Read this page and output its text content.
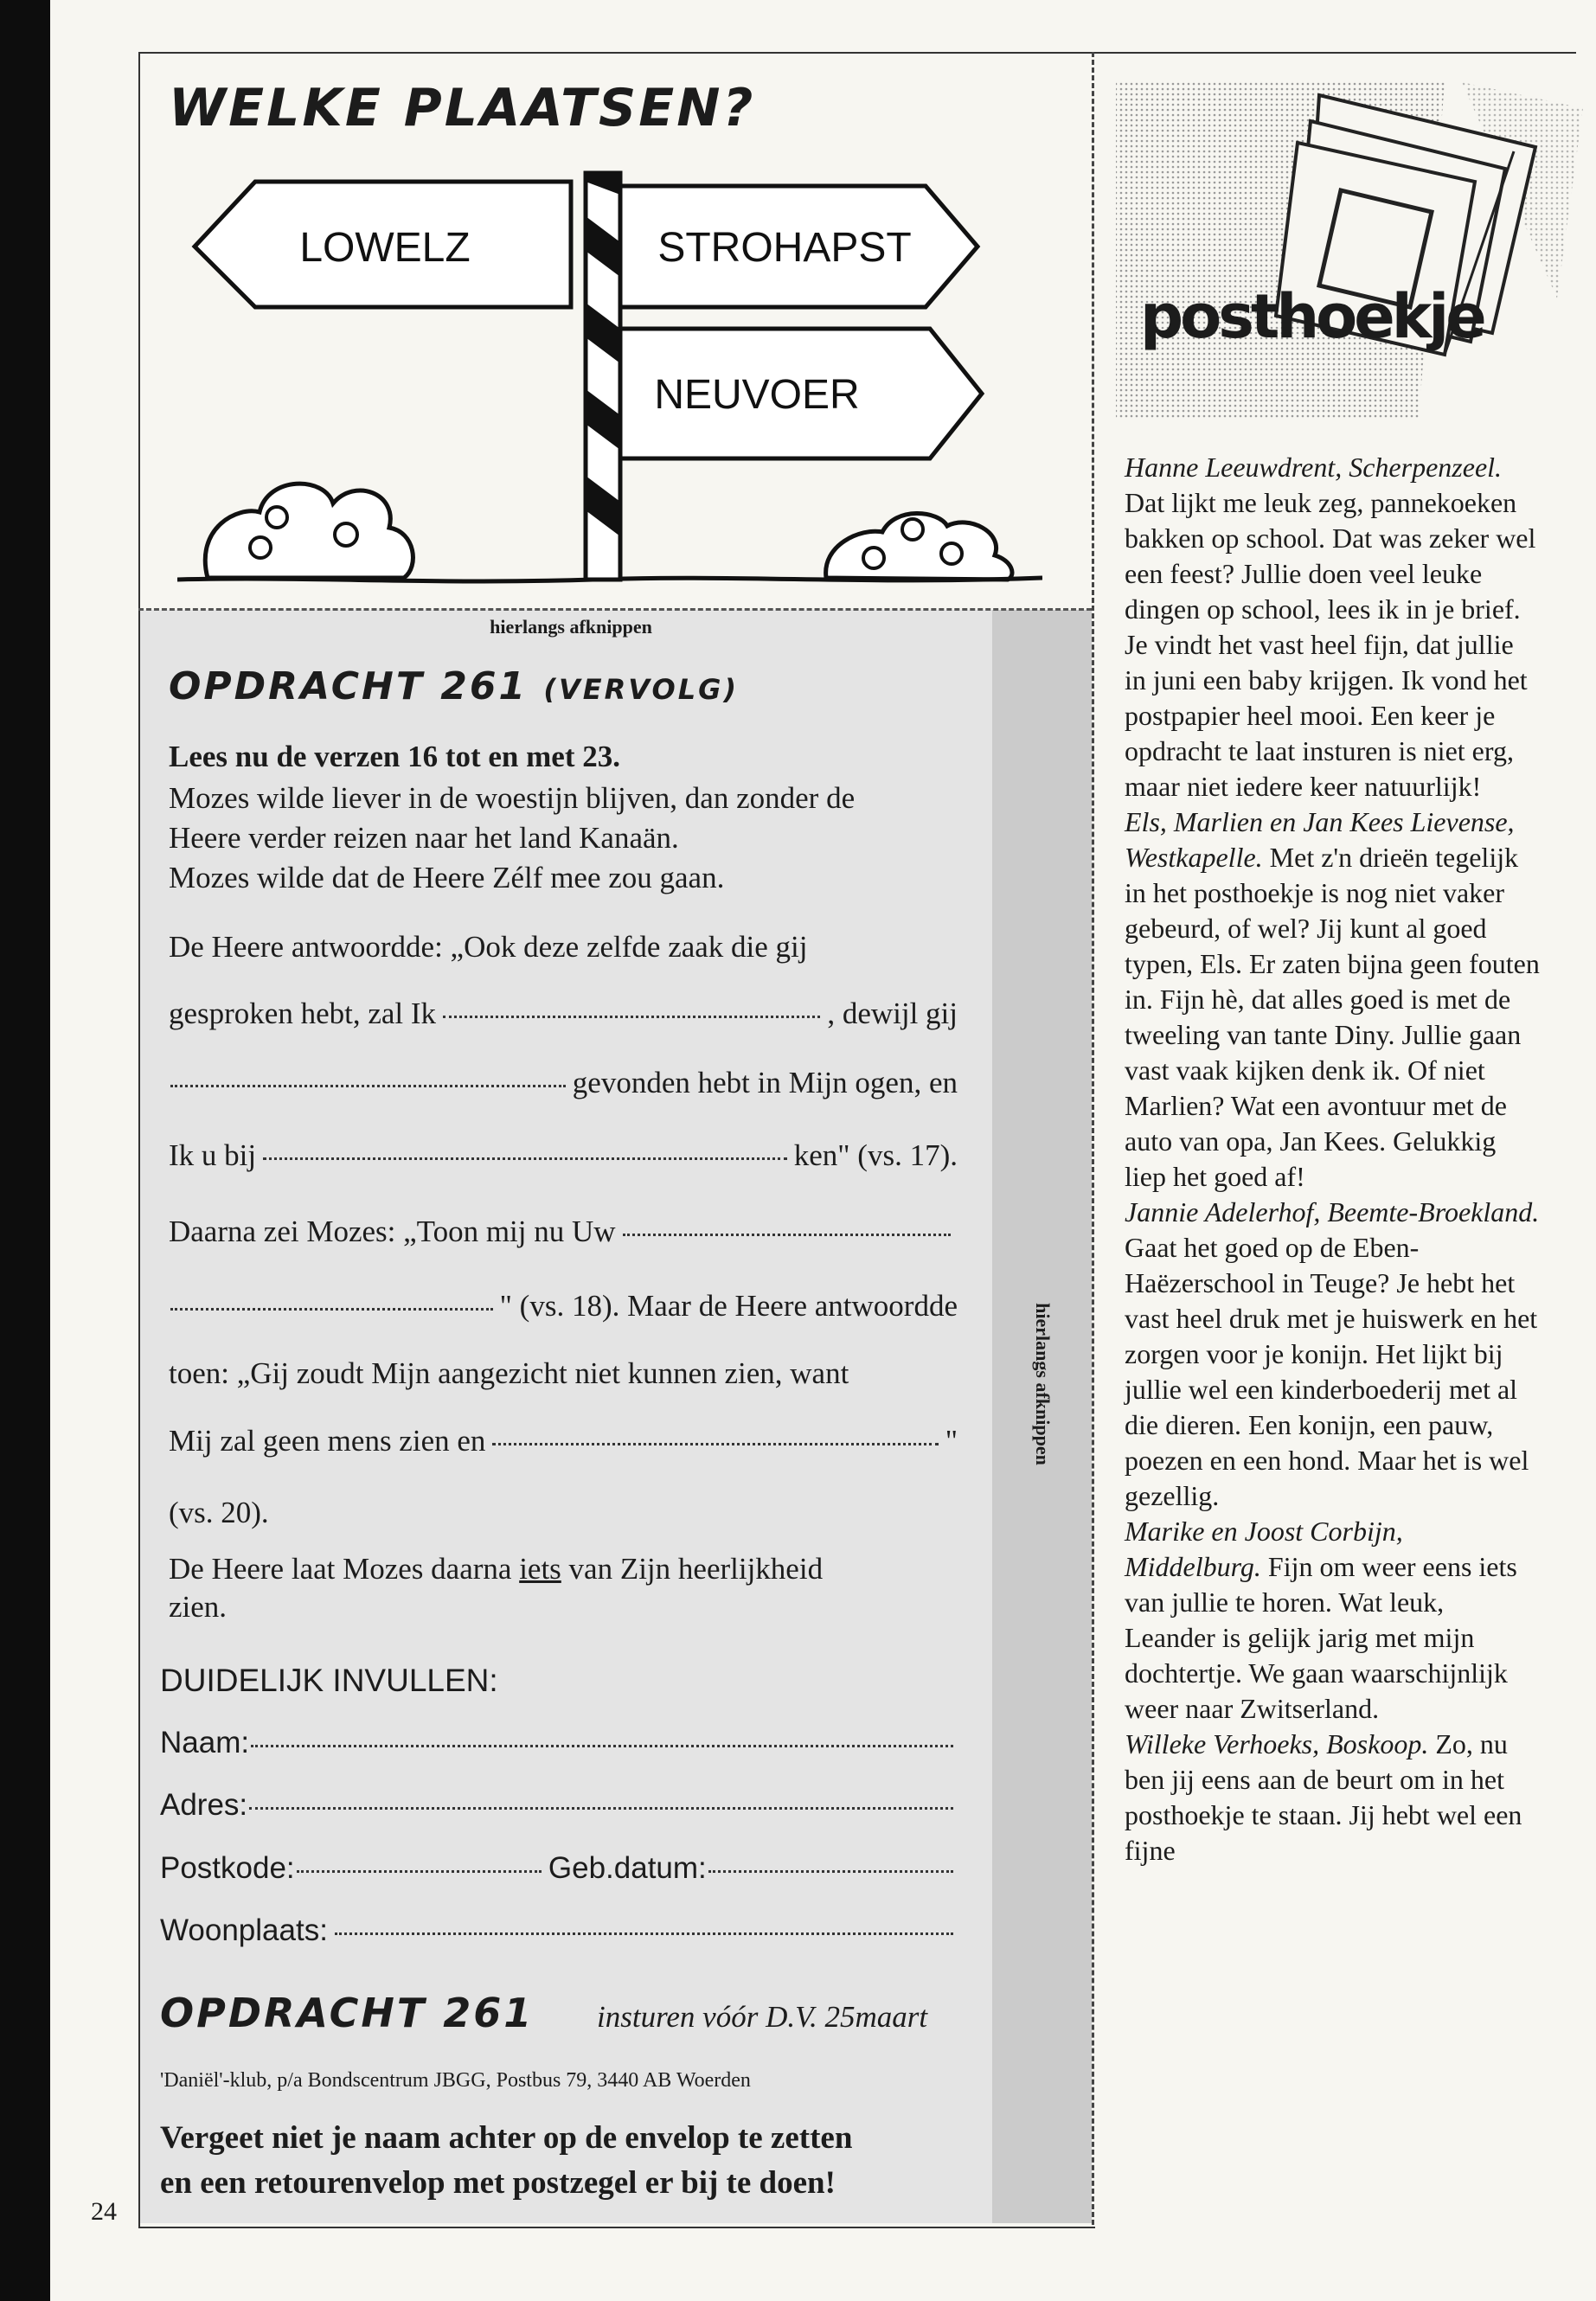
WELKE PLAATSEN?
LOWELZ	STROHAPST
NEUVOER
hierlangs afknippen
hierlangs afknippen
OPDRACHT 261 (VERVOLG)
Lees nu de verzen 16 tot en met 23.
Mozes wilde liever in de woestijn blijven, dan zonder de
Heere verder reizen naar het land Kanaän.
Mozes wilde dat de Heere Zélf mee zou gaan.
De Heere antwoordde: „Ook deze zelfde zaak die gij
gesproken hebt, zal Ik	, dewijl gij
gevonden hebt in Mijn ogen, en
Ik u bij	ken" (vs. 17).
Daarna zei Mozes: „Toon mij nu Uw
" (vs. 18). Maar de Heere antwoordde
toen: „Gij zoudt Mijn aangezicht niet kunnen zien, want
Mij zal geen mens zien en	"
(vs. 20).
De Heere laat Mozes daarna iets van Zijn heerlijkheid
zien.
DUIDELIJK INVULLEN:
Naam:
Adres:
Postkode:	Geb.datum:
Woonplaats:
OPDRACHT 261 insturen vóór D.V. 25maart
'Daniël'-klub, p/a Bondscentrum JBGG, Postbus 79, 3440 AB Woerden
Vergeet niet je naam achter op de envelop te zetten
en een retourenvelop met postzegel er bij te doen!
24
posthoekje

Hanne Leeuwdrent, Scherpenzeel. Dat lijkt me leuk zeg, pannekoeken bakken op school. Dat was zeker wel een feest? Jullie doen veel leuke dingen op school, lees ik in je brief. Je vindt het vast heel fijn, dat jullie in juni een baby krijgen. Ik vond het postpapier heel mooi. Een keer je opdracht te laat insturen is niet erg, maar niet iedere keer natuurlijk!

Els, Marlien en Jan Kees Lievense, Westkapelle. Met z'n drieën tegelijk in het posthoekje is nog niet vaker gebeurd, of wel? Jij kunt al goed typen, Els. Er zaten bijna geen fouten in. Fijn hè, dat alles goed is met de tweeling van tante Diny. Jullie gaan vast vaak kijken denk ik. Of niet Marlien? Wat een avontuur met de auto van opa, Jan Kees. Gelukkig liep het goed af!

Jannie Adelerhof, Beemte-Broekland. Gaat het goed op de Eben-Haëzerschool in Teuge? Je hebt het vast heel druk met je huiswerk en het zorgen voor je konijn. Het lijkt bij jullie wel een kinderboederij met al die dieren. Een konijn, een pauw, poezen en een hond. Maar het is wel gezellig.

Marike en Joost Corbijn, Middelburg. Fijn om weer eens iets van jullie te horen. Wat leuk, Leander is gelijk jarig met mijn dochtertje. We gaan waarschijnlijk weer naar Zwitserland.

Willeke Verhoeks, Boskoop. Zo, nu ben jij eens aan de beurt om in het posthoekje te staan. Jij hebt wel een fijne
